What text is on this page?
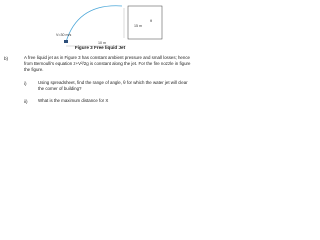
θ
15 m
V=30 m/s
10 m
Figure 3 Free liquid Jet
b)	A free liquid jet as in Figure 3 has constant ambient pressure and small losses; hence
from Bernoulli's equation z+V²/2g is constant along the jet. For the fire nozzle in figure
the figure.
i)	Using spreadsheet, find the range of angle, θ for which the water jet will clear
the corner of building?
ii) What is the maximum distance for X
